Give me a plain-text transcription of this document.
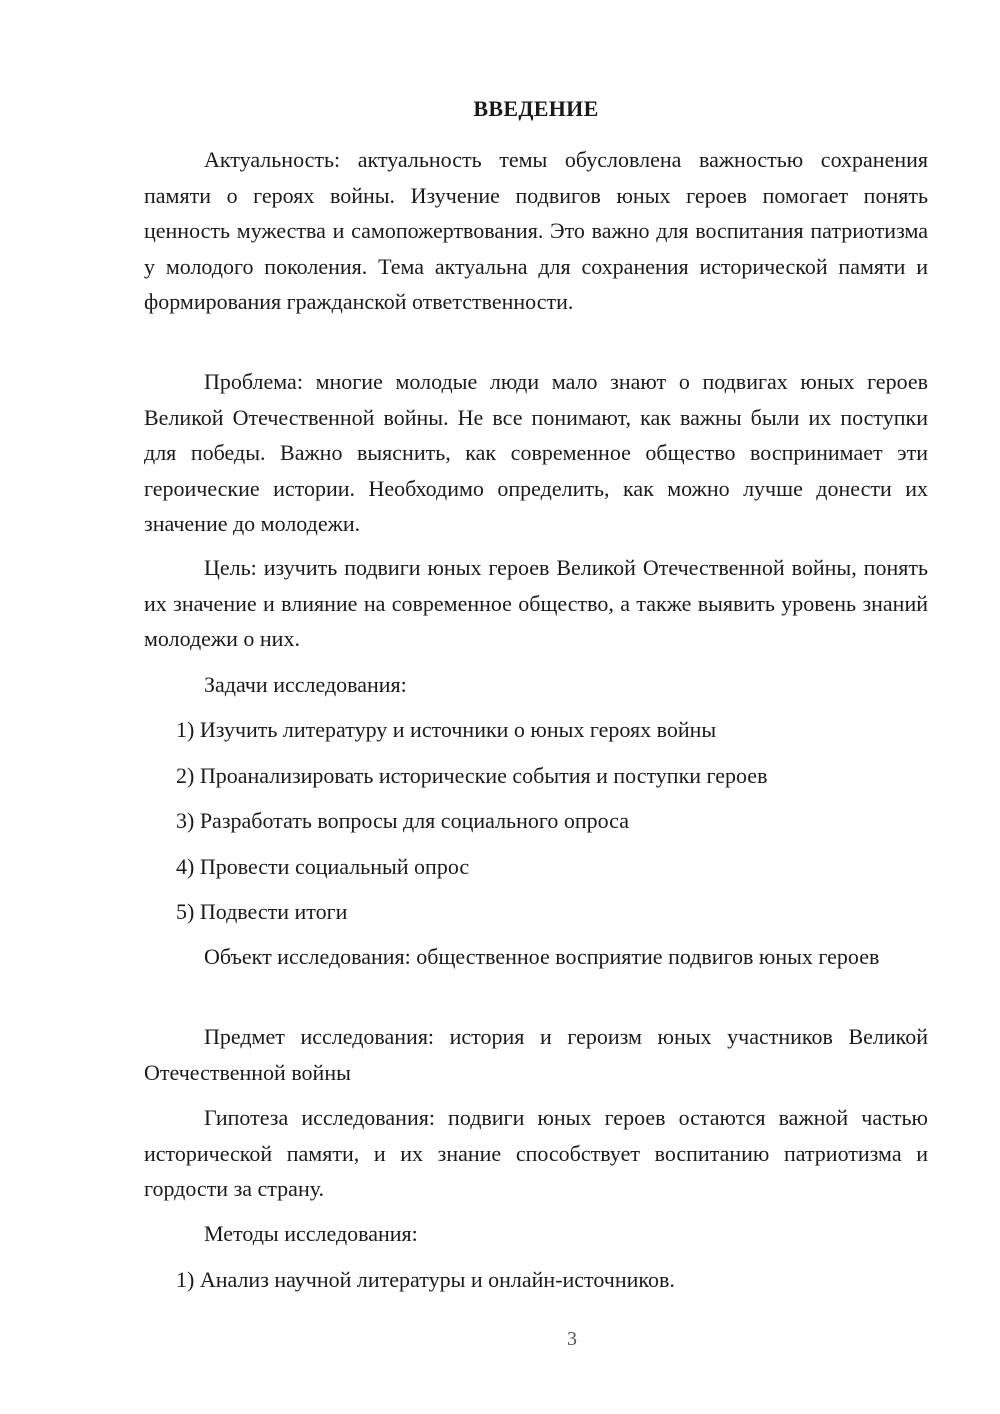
ВВЕДЕНИЕ

Актуальность: актуальность темы обусловлена важностью сохранения памяти о героях войны. Изучение подвигов юных героев помогает понять ценность мужества и самопожертвования. Это важно для воспитания патриотизма у молодого поколения. Тема актуальна для сохранения исторической памяти и формирования гражданской ответственности.

Проблема: многие молодые люди мало знают о подвигах юных героев Великой Отечественной войны. Не все понимают, как важны были их поступки для победы. Важно выяснить, как современное общество воспринимает эти героические истории. Необходимо определить, как можно лучше донести их значение до молодежи.

Цель: изучить подвиги юных героев Великой Отечественной войны, понять их значение и влияние на современное общество, а также выявить уровень знаний молодежи о них.

Задачи исследования:

1) Изучить литературу и источники о юных героях войны

2) Проанализировать исторические события и поступки героев

3) Разработать вопросы для социального опроса

4) Провести социальный опрос

5) Подвести итоги

Объект исследования: общественное восприятие подвигов юных героев

Предмет исследования: история и героизм юных участников Великой Отечественной войны

Гипотеза исследования: подвиги юных героев остаются важной частью исторической памяти, и их знание способствует воспитанию патриотизма и гордости за страну.

Методы исследования:

1) Анализ научной литературы и онлайн-источников.

3
